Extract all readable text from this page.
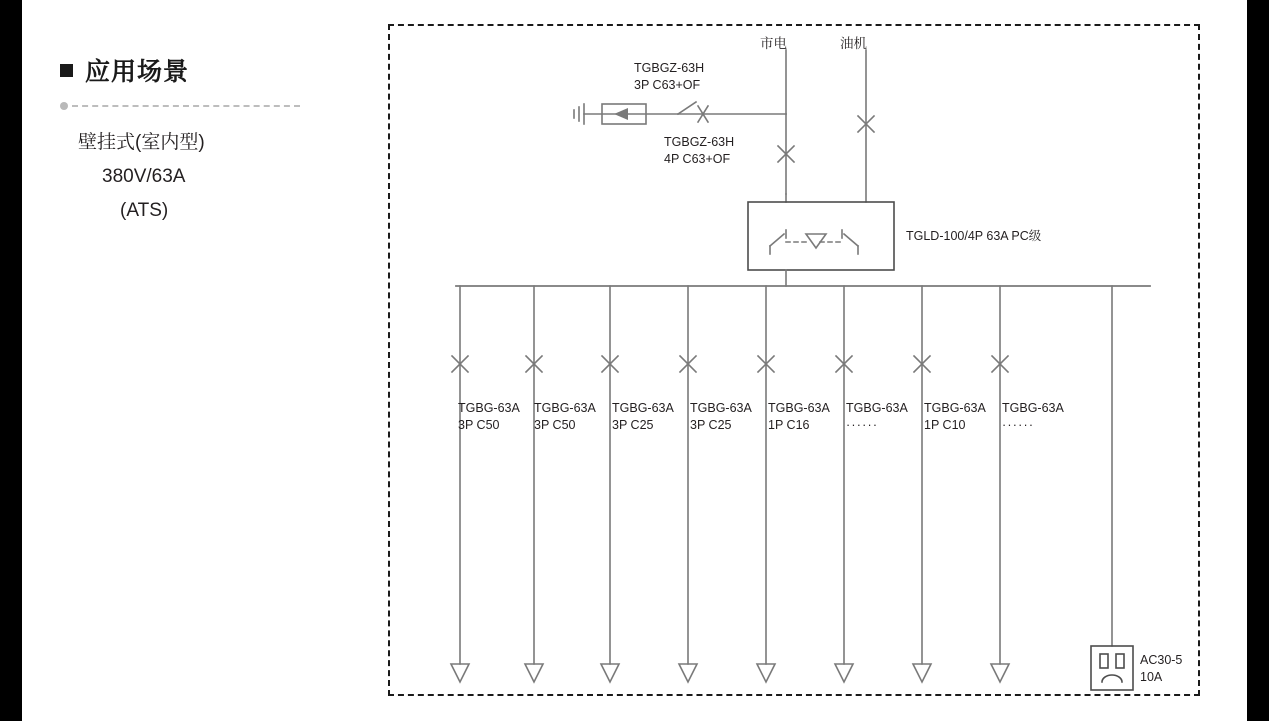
应用场景
壁挂式(室内型)
380V/63A
(ATS)
市电	油机
TGBGZ-63H
3P C63+OF
TGBGZ-63H
4P C63+OF
TGLD-100/4P 63A PC级
TGBG-63A
3P C50
TGBG-63A
3P C50
TGBG-63A
3P C25
TGBG-63A
3P C25
TGBG-63A
1P C16
TGBG-63A
······
TGBG-63A
1P C10
TGBG-63A
······
AC30-5
10A
